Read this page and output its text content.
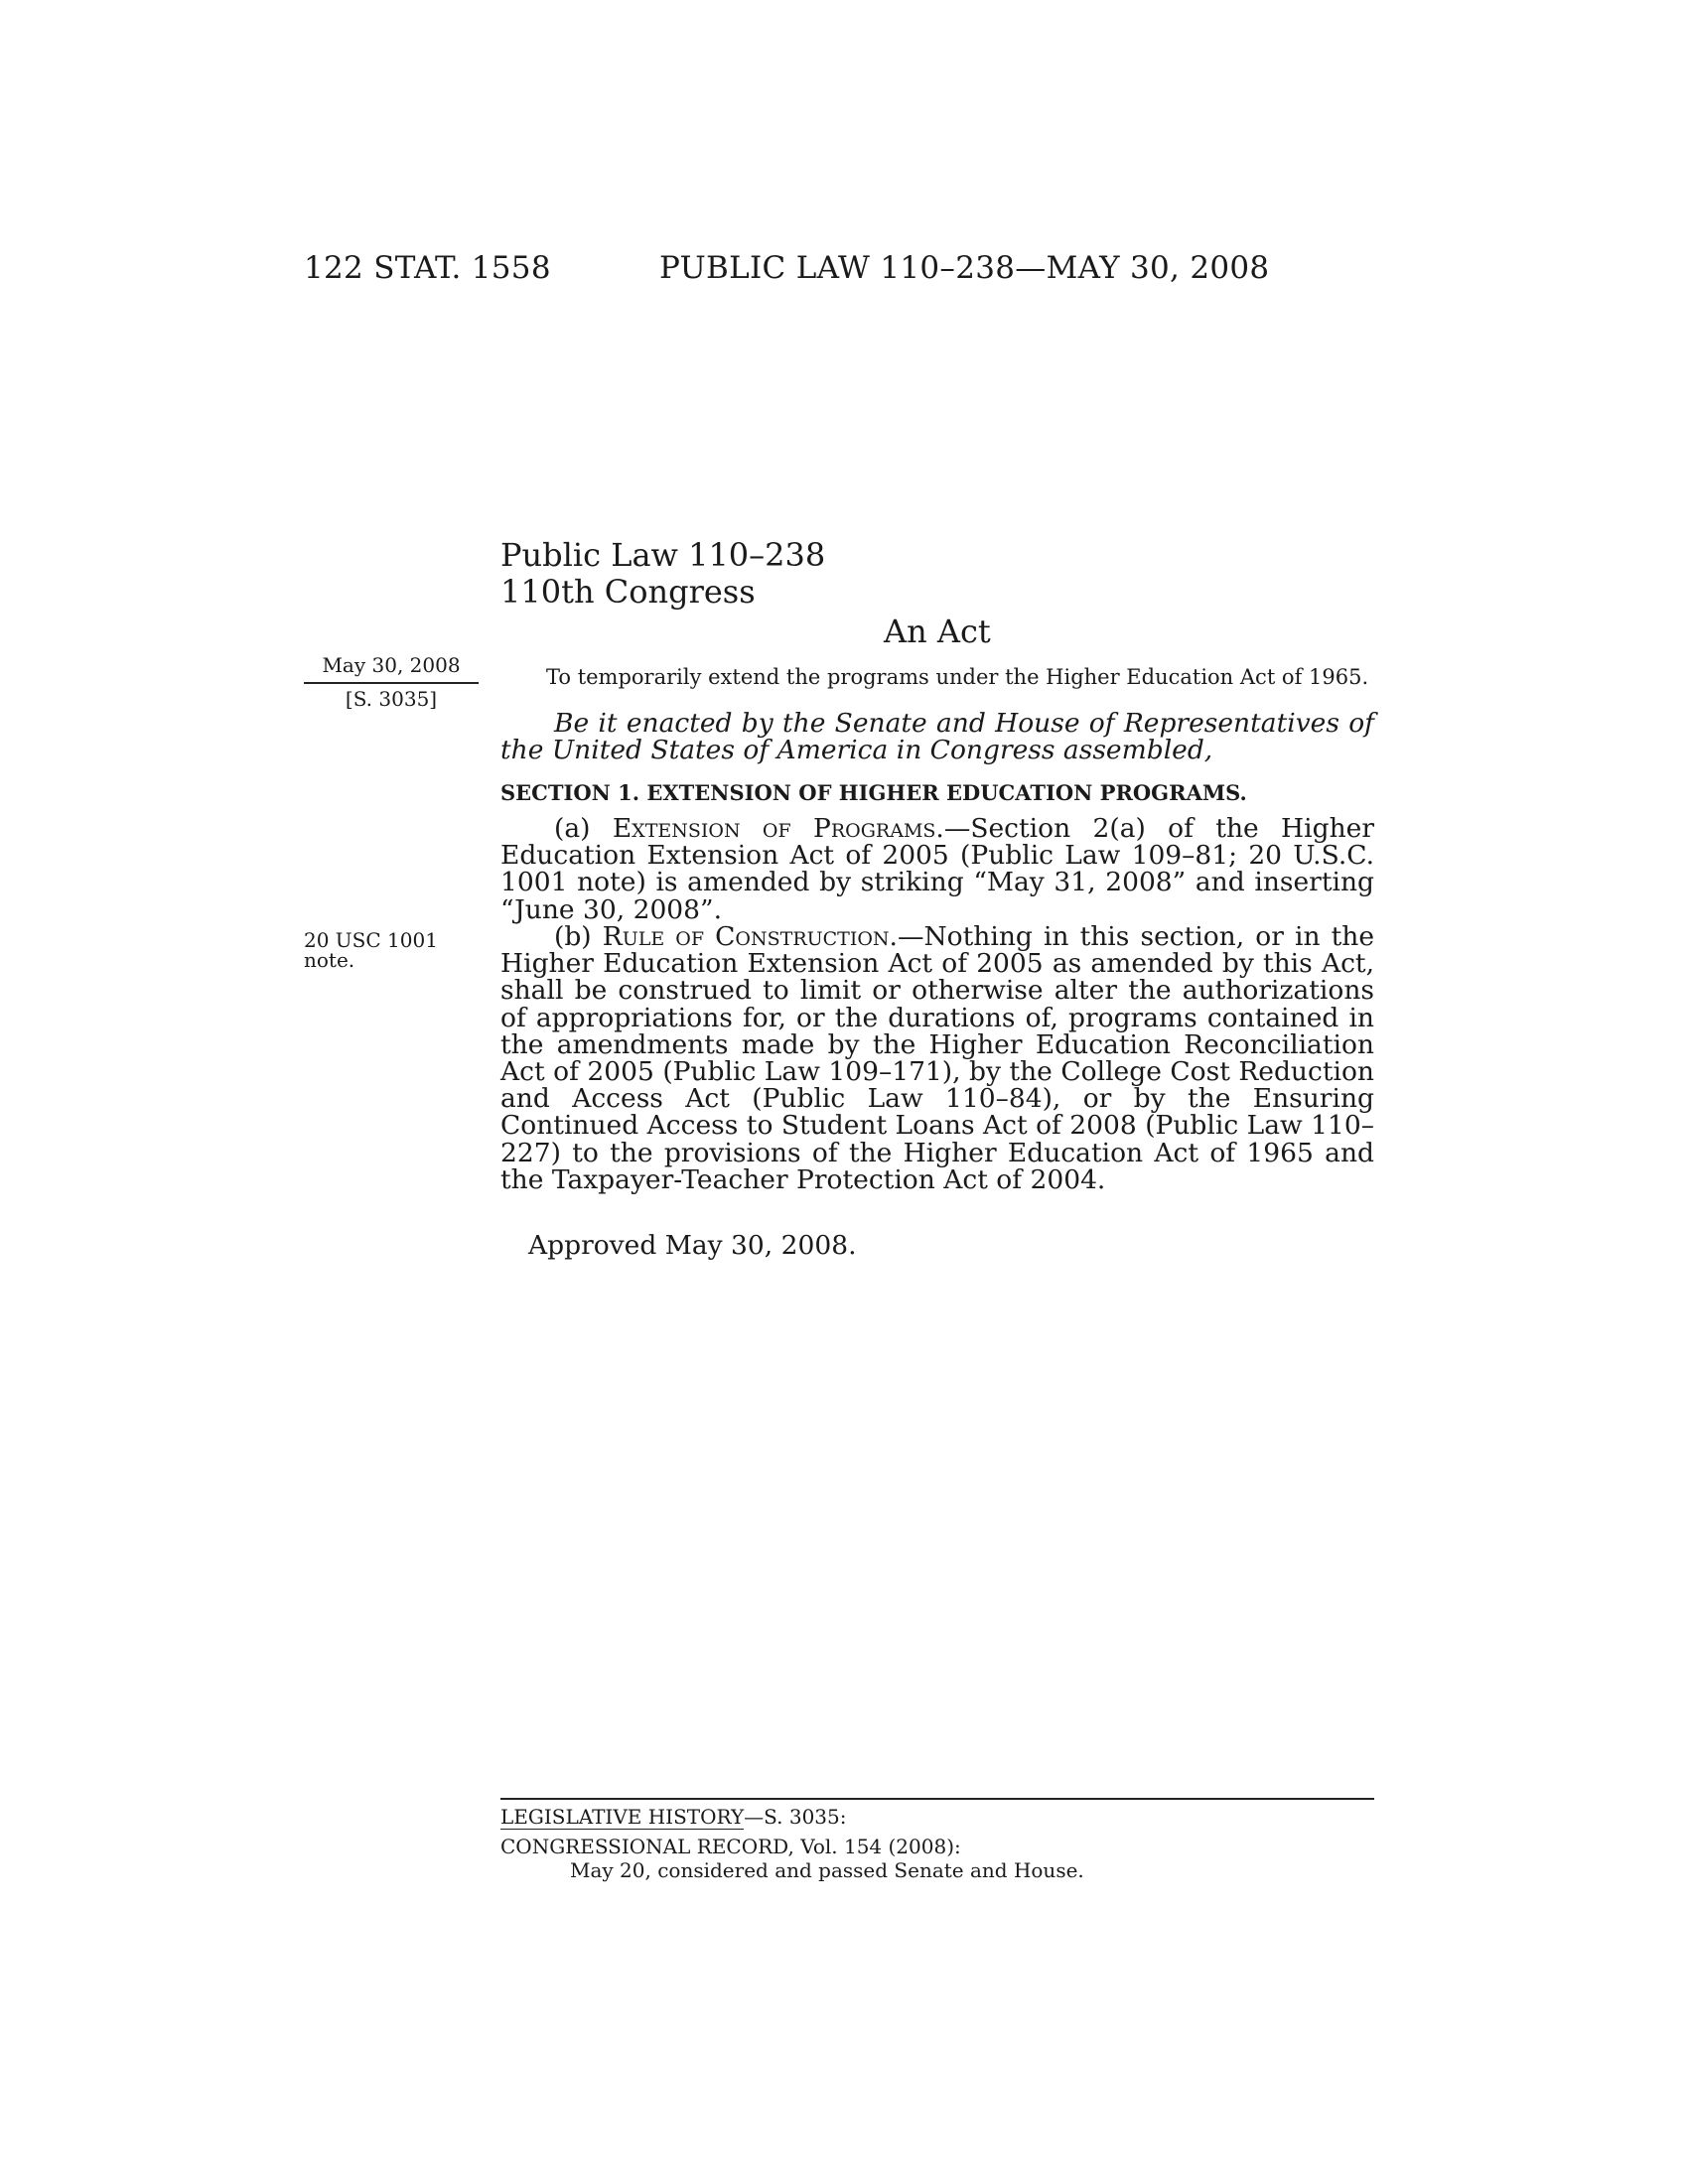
122 STAT. 1558	PUBLIC LAW 110–238—MAY 30, 2008
Public Law 110–238
110th Congress
An Act
May 30, 2008
[S. 3035]
To temporarily extend the programs under the Higher Education Act of 1965.
Be it enacted by the Senate and House of Representatives of the United States of America in Congress assembled,
SECTION 1. EXTENSION OF HIGHER EDUCATION PROGRAMS.
(a) Extension of Programs.—Section 2(a) of the Higher Education Extension Act of 2005 (Public Law 109–81; 20 U.S.C. 1001 note) is amended by striking “May 31, 2008” and inserting “June 30, 2008”.
20 USC 1001 note.
(b) Rule of Construction.—Nothing in this section, or in the Higher Education Extension Act of 2005 as amended by this Act, shall be construed to limit or otherwise alter the authorizations of appropriations for, or the durations of, programs contained in the amendments made by the Higher Education Reconciliation Act of 2005 (Public Law 109–171), by the College Cost Reduction and Access Act (Public Law 110–84), or by the Ensuring Continued Access to Student Loans Act of 2008 (Public Law 110–227) to the provisions of the Higher Education Act of 1965 and the Taxpayer-Teacher Protection Act of 2004.
Approved May 30, 2008.
LEGISLATIVE HISTORY—S. 3035:
CONGRESSIONAL RECORD, Vol. 154 (2008):
May 20, considered and passed Senate and House.
